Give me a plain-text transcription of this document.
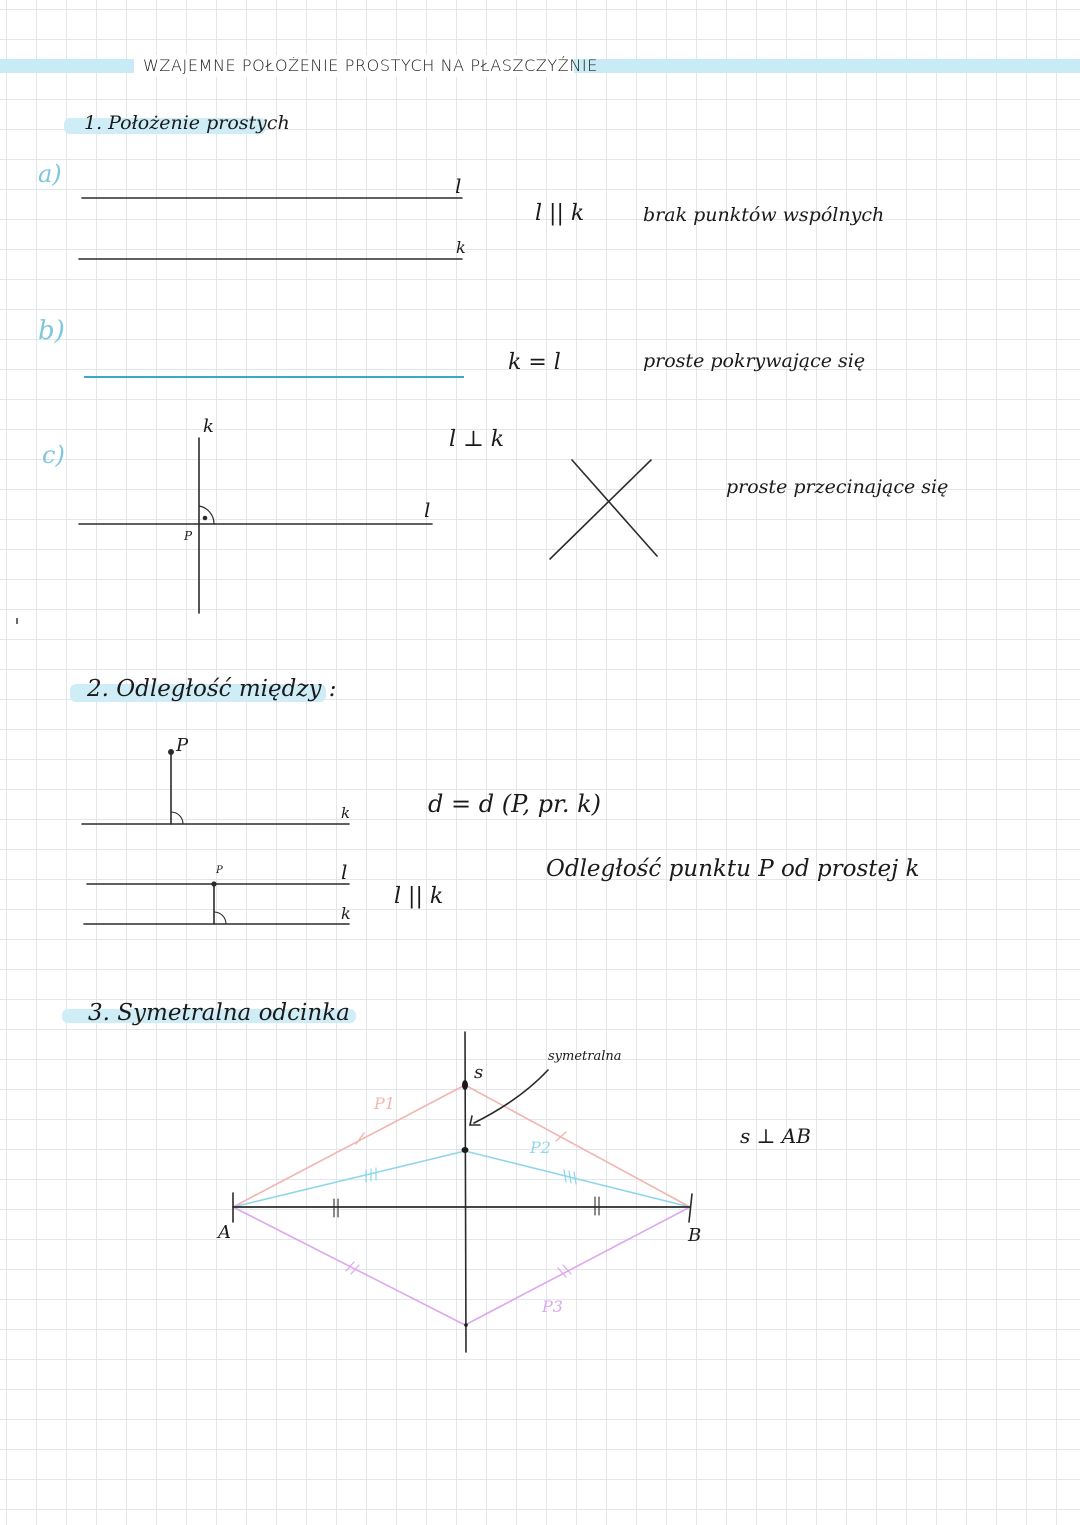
WZAJEMNE POŁOŻENIE PROSTYCH NA PŁASZCZYŹNIE
1. Położenie prostych
a)
b)
c)
l
k
l || k	brak punktów wspólnych
k = l	proste pokrywające się
k
l
P
l ⊥ k
proste przecinające się
2. Odległość między :
P
k	d = d (P, pr. k)
Odległość punktu P od prostej k
P	l
k
l || k
3. Symetralna odcinka
A	B
s
symetralna
P1
P2
P3
s ⊥ AB
